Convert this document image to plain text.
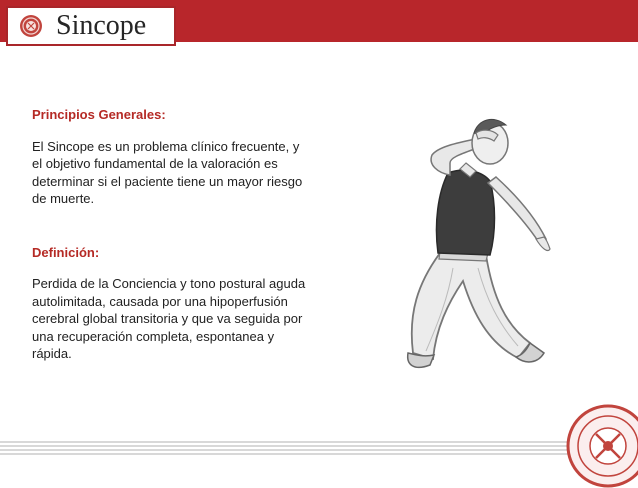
Sincope

Principios Generales:

El Sincope es un problema clínico frecuente, y el objetivo fundamental de la valoración es determinar si el paciente tiene un mayor riesgo de muerte.

Definición:

Perdida de la Conciencia y tono postural aguda autolimitada, causada por una hipoperfusión cerebral global transitoria y que va seguida por una recuperación completa, espontanea y rápida.
